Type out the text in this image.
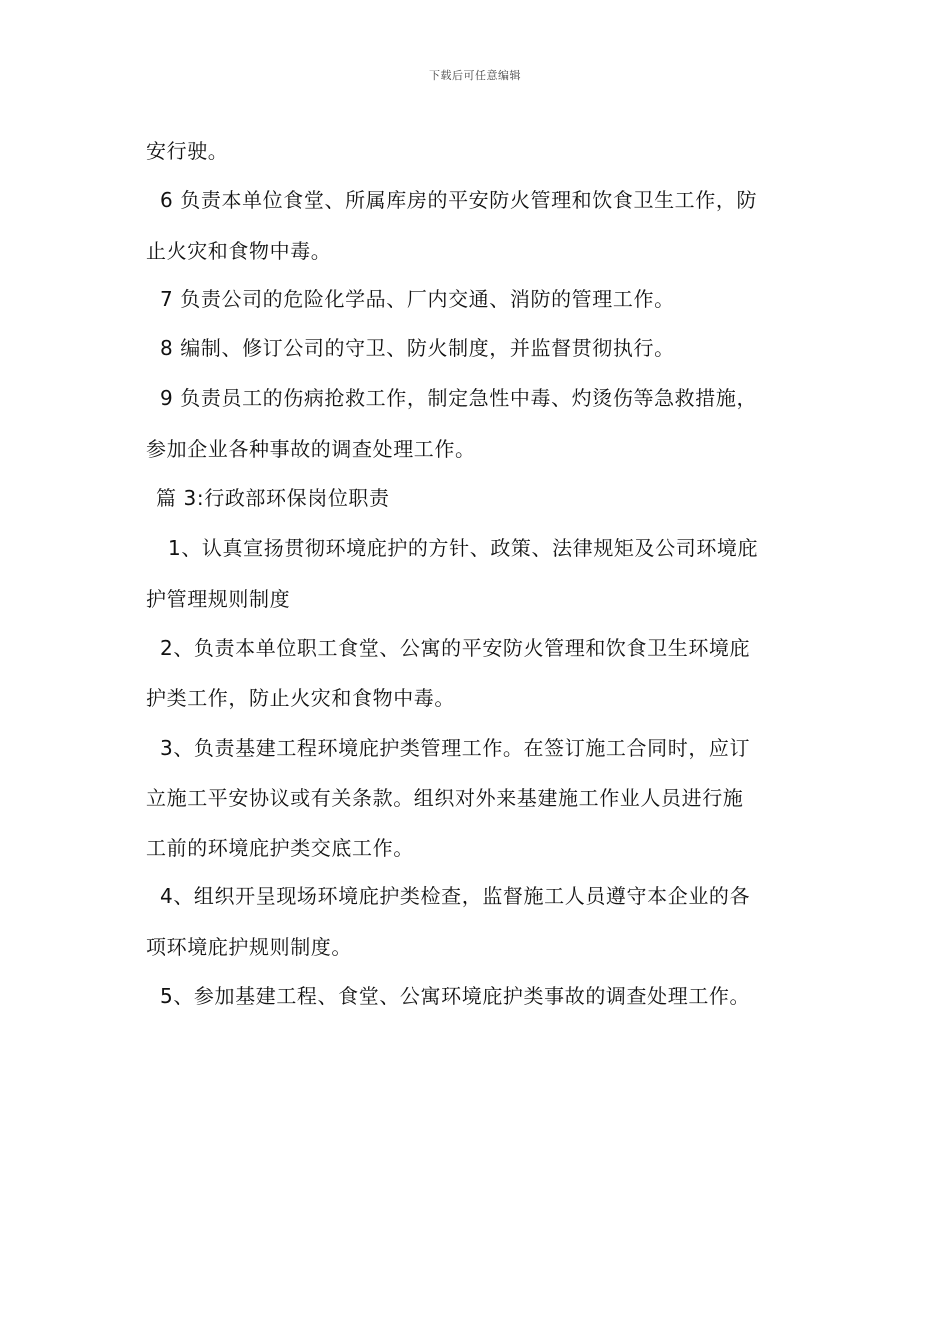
下载后可任意编辑
安行驶。
6 负责本单位食堂、所属库房的平安防火管理和饮食卫生工作，防
止火灾和食物中毒。
7 负责公司的危险化学品、厂内交通、消防的管理工作。
8 编制、修订公司的守卫、防火制度，并监督贯彻执行。
9 负责员工的伤病抢救工作，制定急性中毒、灼烫伤等急救措施，
参加企业各种事故的调查处理工作。
篇 3:行政部环保岗位职责
1、认真宣扬贯彻环境庇护的方针、政策、法律规矩及公司环境庇
护管理规则制度
2、负责本单位职工食堂、公寓的平安防火管理和饮食卫生环境庇
护类工作，防止火灾和食物中毒。
3、负责基建工程环境庇护类管理工作。在签订施工合同时，应订
立施工平安协议或有关条款。组织对外来基建施工作业人员进行施
工前的环境庇护类交底工作。
4、组织开呈现场环境庇护类检查，监督施工人员遵守本企业的各
项环境庇护规则制度。
5、参加基建工程、食堂、公寓环境庇护类事故的调查处理工作。
